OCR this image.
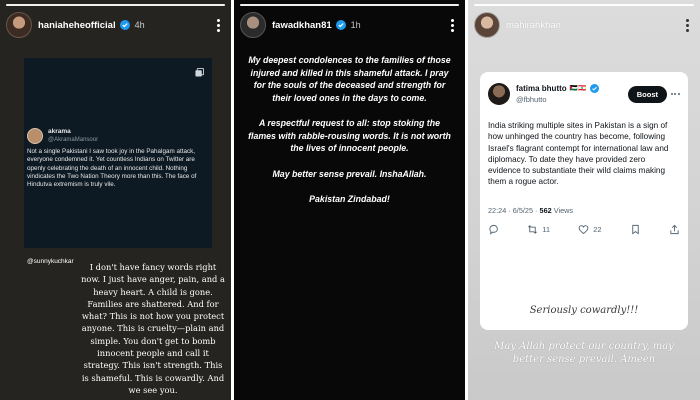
haniaheheofficial 4h
akrama
@AkramaMansoor
Not a single Pakistani I saw took joy in the Pahalgam attack, everyone condemned it. Yet countless Indians on Twitter are openly celebrating the death of an innocent child. Nothing vindicates the Two Nation Theory more than this. The face of Hindutva extremism is truly vile.
@sunnykuchkar
I don't have fancy words right now. I just have anger, pain, and a heavy heart. A child is gone. Families are shattered. And for what? This is not how you protect anyone. This is cruelty—plain and simple. You don't get to bomb innocent people and call it strategy. This isn't strength. This is shameful. This is cowardly. And we see you.
fawadkhan81 1h

My deepest condolences to the families of those injured and killed in this shameful attack. I pray for the souls of the deceased and strength for their loved ones in the days to come.

A respectful request to all: stop stoking the flames with rabble-rousing words. It is not worth the lives of innocent people.

May better sense prevail. InshaAllah.

Pakistan Zindabad!

mahirahkhan
fatima bhutto 🇵🇸🇱🇧
@fbhutto
Boost
India striking multiple sites in Pakistan is a sign of how unhinged the country has become, following Israel's flagrant contempt for international law and diplomacy. To date they have provided zero evidence to substantiate their wild claims making them a rogue actor.
22:24 · 6/5/25 · 562 Views
11	22
Seriously cowardly!!!
May Allah protect our country, may better sense prevail. Ameen
